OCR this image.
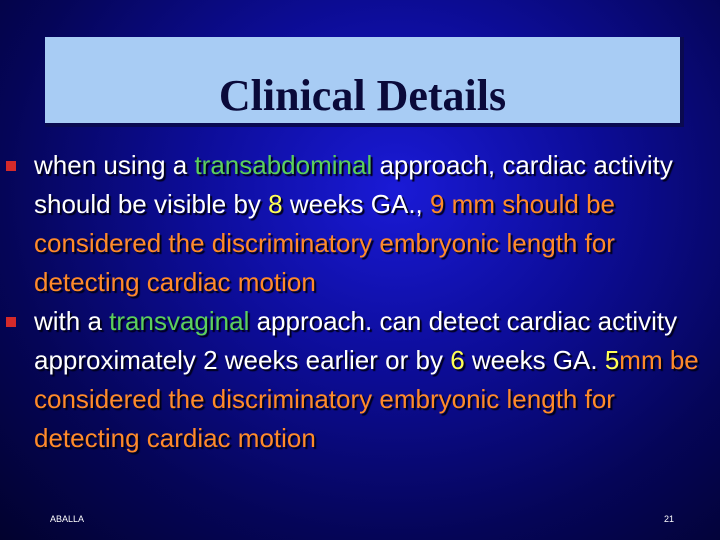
Clinical Details
when using a transabdominal approach, cardiac activity should be visible by 8 weeks GA., 9 mm should be considered the discriminatory embryonic length for detecting cardiac motion
with a transvaginal approach. can detect cardiac activity approximately 2 weeks earlier or by 6 weeks GA. 5mm be considered the discriminatory embryonic length for detecting cardiac motion
ABALLA	21
